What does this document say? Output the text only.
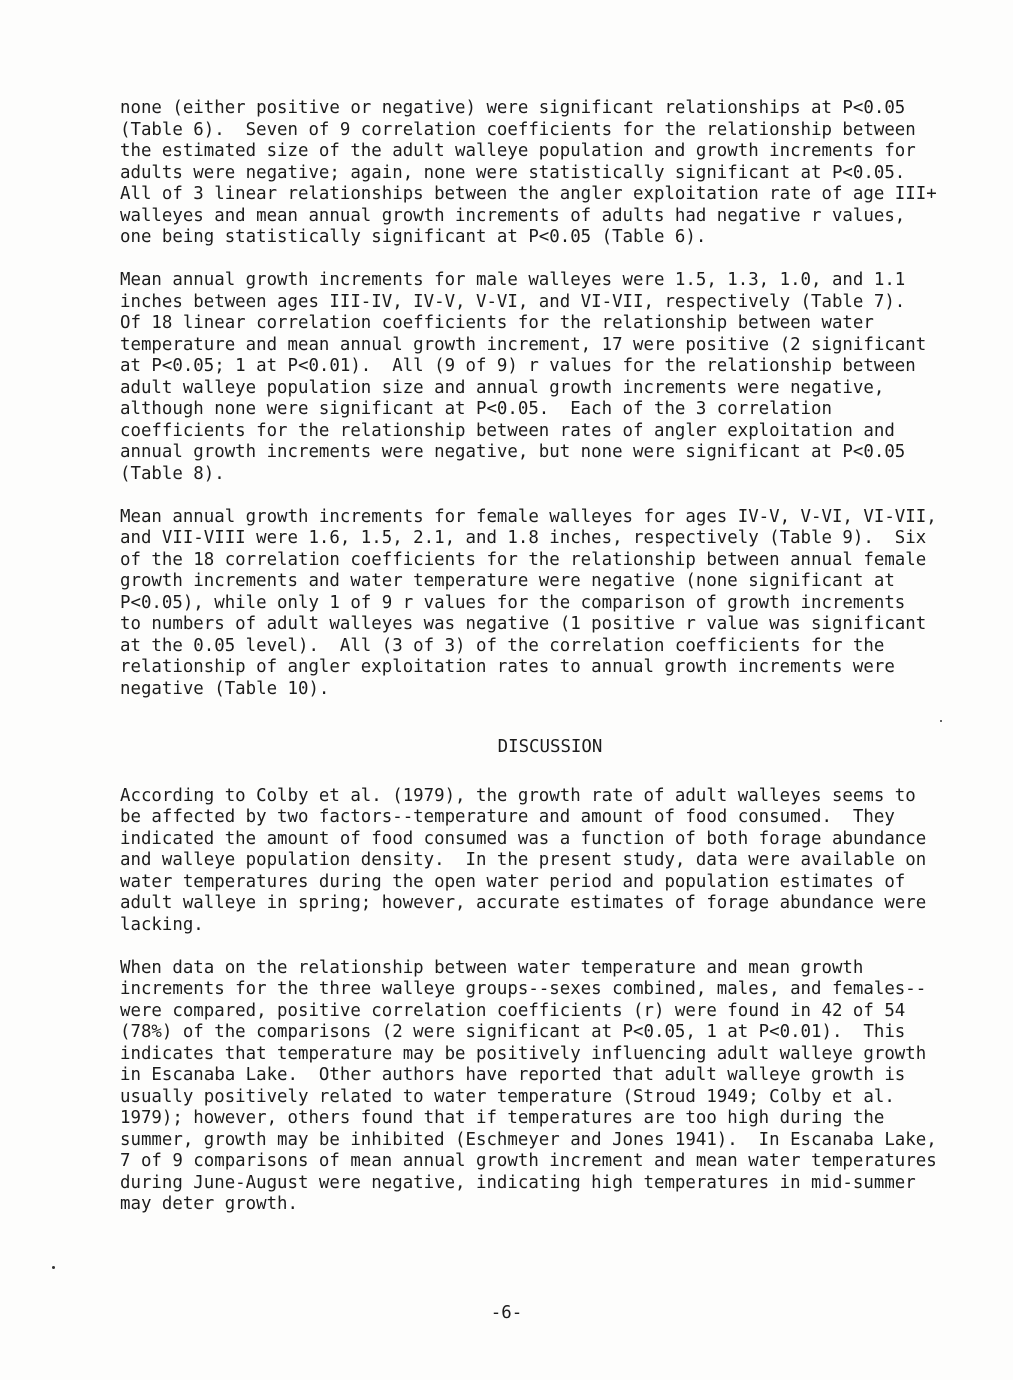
none (either positive or negative) were significant relationships at P<0.05
(Table 6).  Seven of 9 correlation coefficients for the relationship between
the estimated size of the adult walleye population and growth increments for
adults were negative; again, none were statistically significant at P<0.05.
All of 3 linear relationships between the angler exploitation rate of age III+
walleyes and mean annual growth increments of adults had negative r values,
one being statistically significant at P<0.05 (Table 6).

Mean annual growth increments for male walleyes were 1.5, 1.3, 1.0, and 1.1
inches between ages III-IV, IV-V, V-VI, and VI-VII, respectively (Table 7).
Of 18 linear correlation coefficients for the relationship between water
temperature and mean annual growth increment, 17 were positive (2 significant
at P<0.05; 1 at P<0.01).  All (9 of 9) r values for the relationship between
adult walleye population size and annual growth increments were negative,
although none were significant at P<0.05.  Each of the 3 correlation
coefficients for the relationship between rates of angler exploitation and
annual growth increments were negative, but none were significant at P<0.05
(Table 8).

Mean annual growth increments for female walleyes for ages IV-V, V-VI, VI-VII,
and VII-VIII were 1.6, 1.5, 2.1, and 1.8 inches, respectively (Table 9).  Six
of the 18 correlation coefficients for the relationship between annual female
growth increments and water temperature were negative (none significant at
P<0.05), while only 1 of 9 r values for the comparison of growth increments
to numbers of adult walleyes was negative (1 positive r value was significant
at the 0.05 level).  All (3 of 3) of the correlation coefficients for the
relationship of angler exploitation rates to annual growth increments were
negative (Table 10).

DISCUSSION

According to Colby et al. (1979), the growth rate of adult walleyes seems to
be affected by two factors--temperature and amount of food consumed.  They
indicated the amount of food consumed was a function of both forage abundance
and walleye population density.  In the present study, data were available on
water temperatures during the open water period and population estimates of
adult walleye in spring; however, accurate estimates of forage abundance were
lacking.

When data on the relationship between water temperature and mean growth
increments for the three walleye groups--sexes combined, males, and females--
were compared, positive correlation coefficients (r) were found in 42 of 54
(78%) of the comparisons (2 were significant at P<0.05, 1 at P<0.01).  This
indicates that temperature may be positively influencing adult walleye growth
in Escanaba Lake.  Other authors have reported that adult walleye growth is
usually positively related to water temperature (Stroud 1949; Colby et al.
1979); however, others found that if temperatures are too high during the
summer, growth may be inhibited (Eschmeyer and Jones 1941).  In Escanaba Lake,
7 of 9 comparisons of mean annual growth increment and mean water temperatures
during June-August were negative, indicating high temperatures in mid-summer
may deter growth.

-6-
